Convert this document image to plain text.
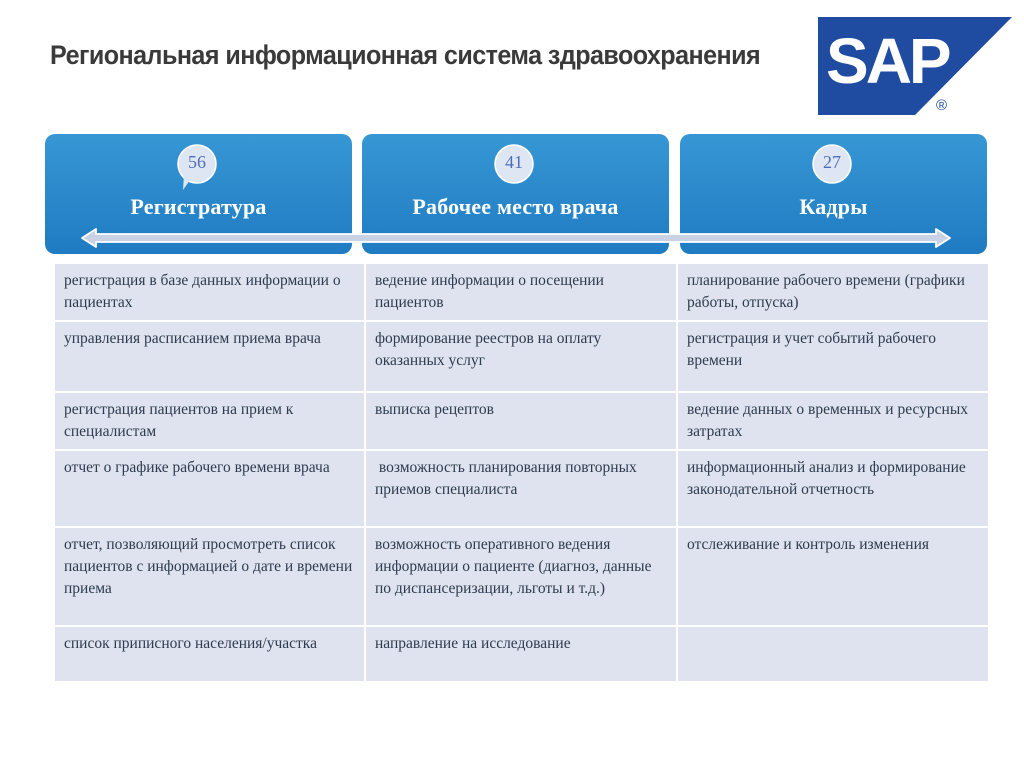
Региональная информационная система здравоохранения SAP
®
56
Регистратура
41
Рабочее место врача
27
Кадры
регистрация в базе данных информации о пациентах	ведение информации о посещении пациентов	планирование рабочего времени (графики работы, отпуска)
управления расписанием приема врача	формирование реестров на оплату оказанных услуг	регистрация и учет событий рабочего времени
регистрация пациентов на прием к специалистам	выписка рецептов	ведение данных о временных и ресурсных затратах
отчет о графике рабочего времени врача	возможность планирования повторных приемов специалиста	информационный анализ и формирование законодательной отчетность
отчет, позволяющий просмотреть список пациентов с информацией о дате и времени приема	возможность оперативного ведения информации о пациенте (диагноз, данные по диспансеризации, льготы и т.д.)	отслеживание и контроль изменения
список приписного населения/участка	направление на исследование	
